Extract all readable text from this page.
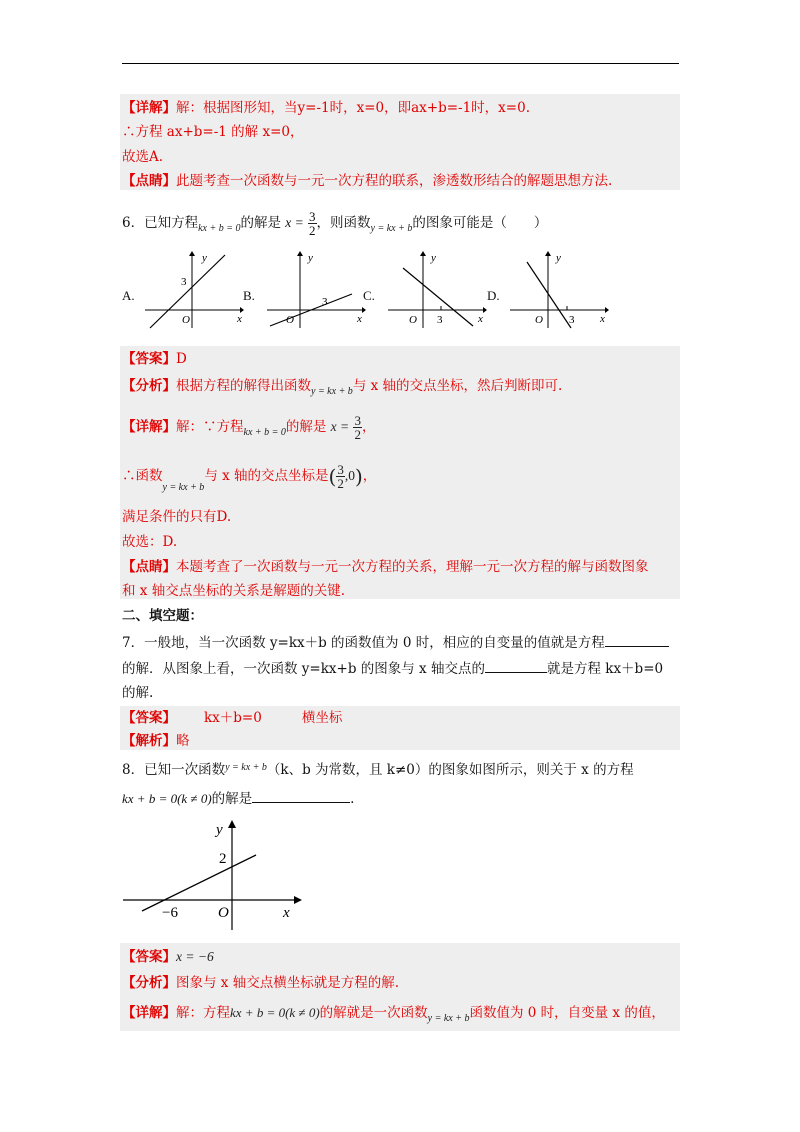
【详解】解：根据图形知，当y=-1时，x=0，即ax+b=-1时，x=0.
∴方程 ax+b=-1 的解 x=0，
故选A.
【点睛】此题考查一次函数与一元一次方程的联系，渗透数形结合的解题思想方法.
6．已知方程$_{kx + b = 0}$的解是 $x = \frac{3}{2}$ ，则函数$_{y = kx + b}$的图象可能是（　　）
A.
y
x
O
3
B.
y
x
O
3	C.
y
x
O 3
D.
y
x
O 3
【答案】D
【分析】根据方程的解得出函数$_{y = kx + b}$与 x 轴的交点坐标，然后判断即可.
【详解】解：∵方程$_{kx + b = 0}$的解是 $x = \frac{3}{2}$ ，
∴函数$_{y = kx + b}$与 x 轴的交点坐标是( $\frac{3}{2} ,0$)，
满足条件的只有D.
故选：D.
【点睛】本题考查了一次函数与一元一次方程的关系，理解一元一次方程的解与函数图象
和 x 轴交点坐标的关系是解题的关键.
二、填空题：
7．一般地，当一次函数 y=kx＋b 的函数值为 0 时，相应的自变量的值就是方程
的解．从图象上看，一次函数 y=kx+b 的图象与 x 轴交点的	就是方程 kx＋b=0
的解.
【答案】 kx＋b=0	横坐标
【解析】略
8．已知一次函数$^{y = kx + b}$（k、b 为常数，且 k≠0）的图象如图所示，则关于 x 的方程
kx + b = 0(k ≠ 0)的解是	.
y
x
O
2
−6
【答案】x = −6
【分析】图象与 x 轴交点横坐标就是方程的解.
【详解】解：方程kx + b = 0(k ≠ 0)的解就是一次函数$_{y = kx + b}$函数值为 0 时，自变量 x 的值，
